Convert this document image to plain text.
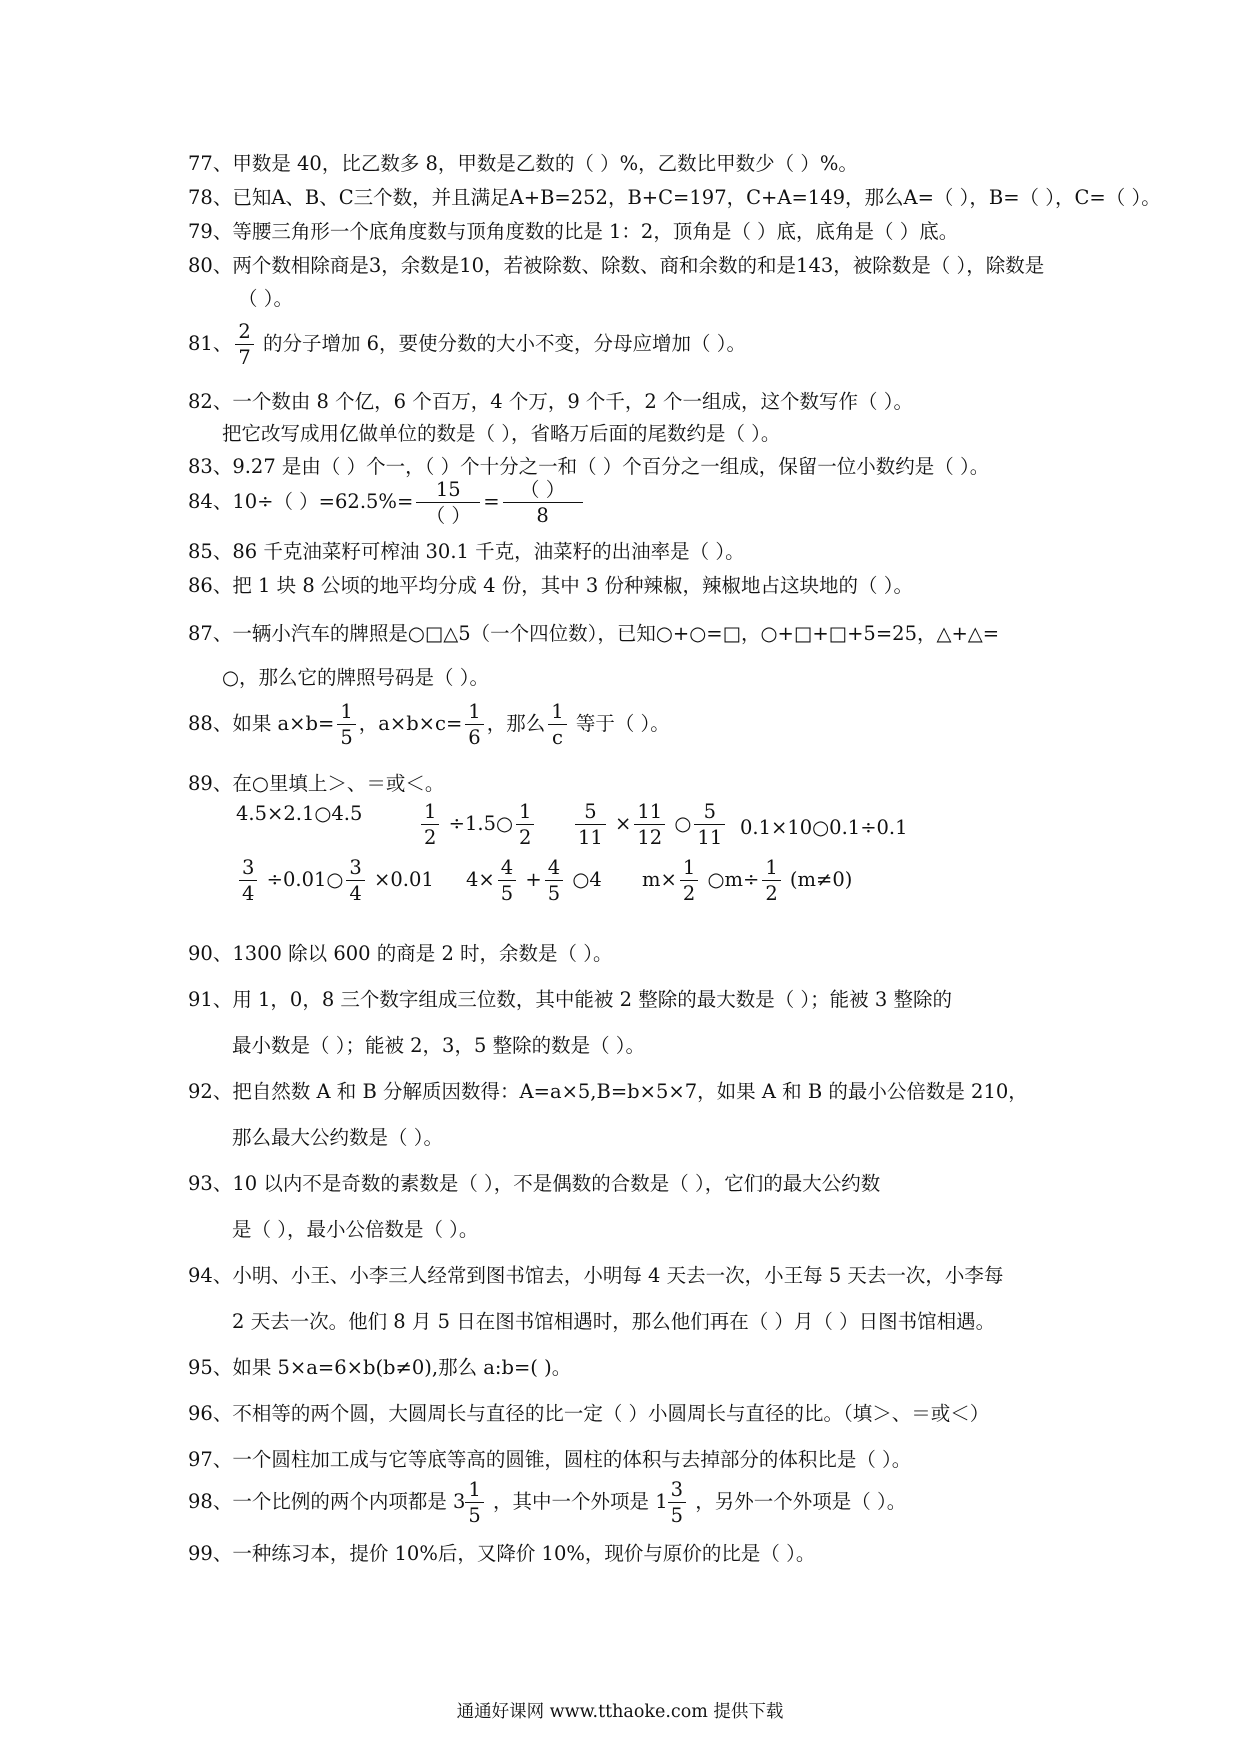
77、甲数是 40，比乙数多 8，甲数是乙数的（ ）%，乙数比甲数少（ ）%。
78、已知A、B、C三个数，并且满足A+B=252，B+C=197，C+A=149，那么A=（ ），B=（ ），C=（ ）。
79、等腰三角形一个底角度数与顶角度数的比是 1：2，顶角是（ ）底，底角是（ ）底。
80、两个数相除商是3，余数是10，若被除数、除数、商和余数的和是143，被除数是（ ），除数是
（ ）。
81、 $\frac{2}{7}$ 的分子增加 6，要使分数的大小不变，分母应增加（ ）。
82、一个数由 8 个亿，6 个百万，4 个万，9 个千，2 个一组成，这个数写作（ ）。
把它改写成用亿做单位的数是（ ），省略万后面的尾数约是（ ）。
83、9.27 是由（ ）个一，（ ）个十分之一和（ ）个百分之一组成，保留一位小数约是（ ）。
84、10÷（ ）$=62.5\%= \frac{15}{( )} = \frac{( )}{8}$
85、86 千克油菜籽可榨油 30.1 千克，油菜籽的出油率是（ ）。
86、把 1 块 8 公顷的地平均分成 4 份，其中 3 份种辣椒，辣椒地占这块地的（ ）。
87、一辆小汽车的牌照是○□△5（一个四位数），已知○+○=□，○+□+□+5=25，△+△=
○，那么它的牌照号码是（ ）。
88、如果 $a\times b= \frac{1}{5}$ ，$a\times b\times c= \frac{1}{6}$ ，那么 $\frac{1}{c}$ 等于（ ）。
89、在○里填上＞、＝或＜。
4.5×2.1○4.5	$\frac{1}{2}$ ÷1.5○ $\frac{1}{2} \frac{5}{11} \times \frac{11}{12}$ ○ $\frac{5}{11}$ 0.1×10○0.1÷0.1
$\frac{3}{4}$ ÷0.01○ $\frac{3}{4} \times 0.01$ $4\times \frac{4}{5} + \frac{4}{5}$ ○4 $m\times \frac{1}{2}$ ○m÷ $\frac{1}{2} (m\ne 0)$
90、1300 除以 600 的商是 2 时，余数是（ ）。
91、用 1，0，8 三个数字组成三位数，其中能被 2 整除的最大数是（ ）；能被 3 整除的
最小数是（ ）；能被 2，3，5 整除的数是（ ）。
92、把自然数 A 和 B 分解质因数得：A=a×5,B=b×5×7，如果 A 和 B 的最小公倍数是 210，
那么最大公约数是（ ）。
93、10 以内不是奇数的素数是（ ），不是偶数的合数是（ ），它们的最大公约数
是（ ），最小公倍数是（ ）。
94、小明、小王、小李三人经常到图书馆去，小明每 4 天去一次，小王每 5 天去一次，小李每
2 天去一次。他们 8 月 5 日在图书馆相遇时，那么他们再在（ ）月（ ）日图书馆相遇。
95、如果 5×a=6×b(b≠0),那么 a:b=( )。
96、不相等的两个圆，大圆周长与直径的比一定（ ）小圆周长与直径的比。（填＞、＝或＜）
97、一个圆柱加工成与它等底等高的圆锥，圆柱的体积与去掉部分的体积比是（ ）。
98、一个比例的两个内项都是 $3 \frac{1}{5}$ ，其中一个外项是 $1 \frac{3}{5}$ ，另外一个外项是（ ）。
99、一种练习本，提价 10%后，又降价 10%，现价与原价的比是（ ）。
通通好课网 www.tthaoke.com 提供下载
